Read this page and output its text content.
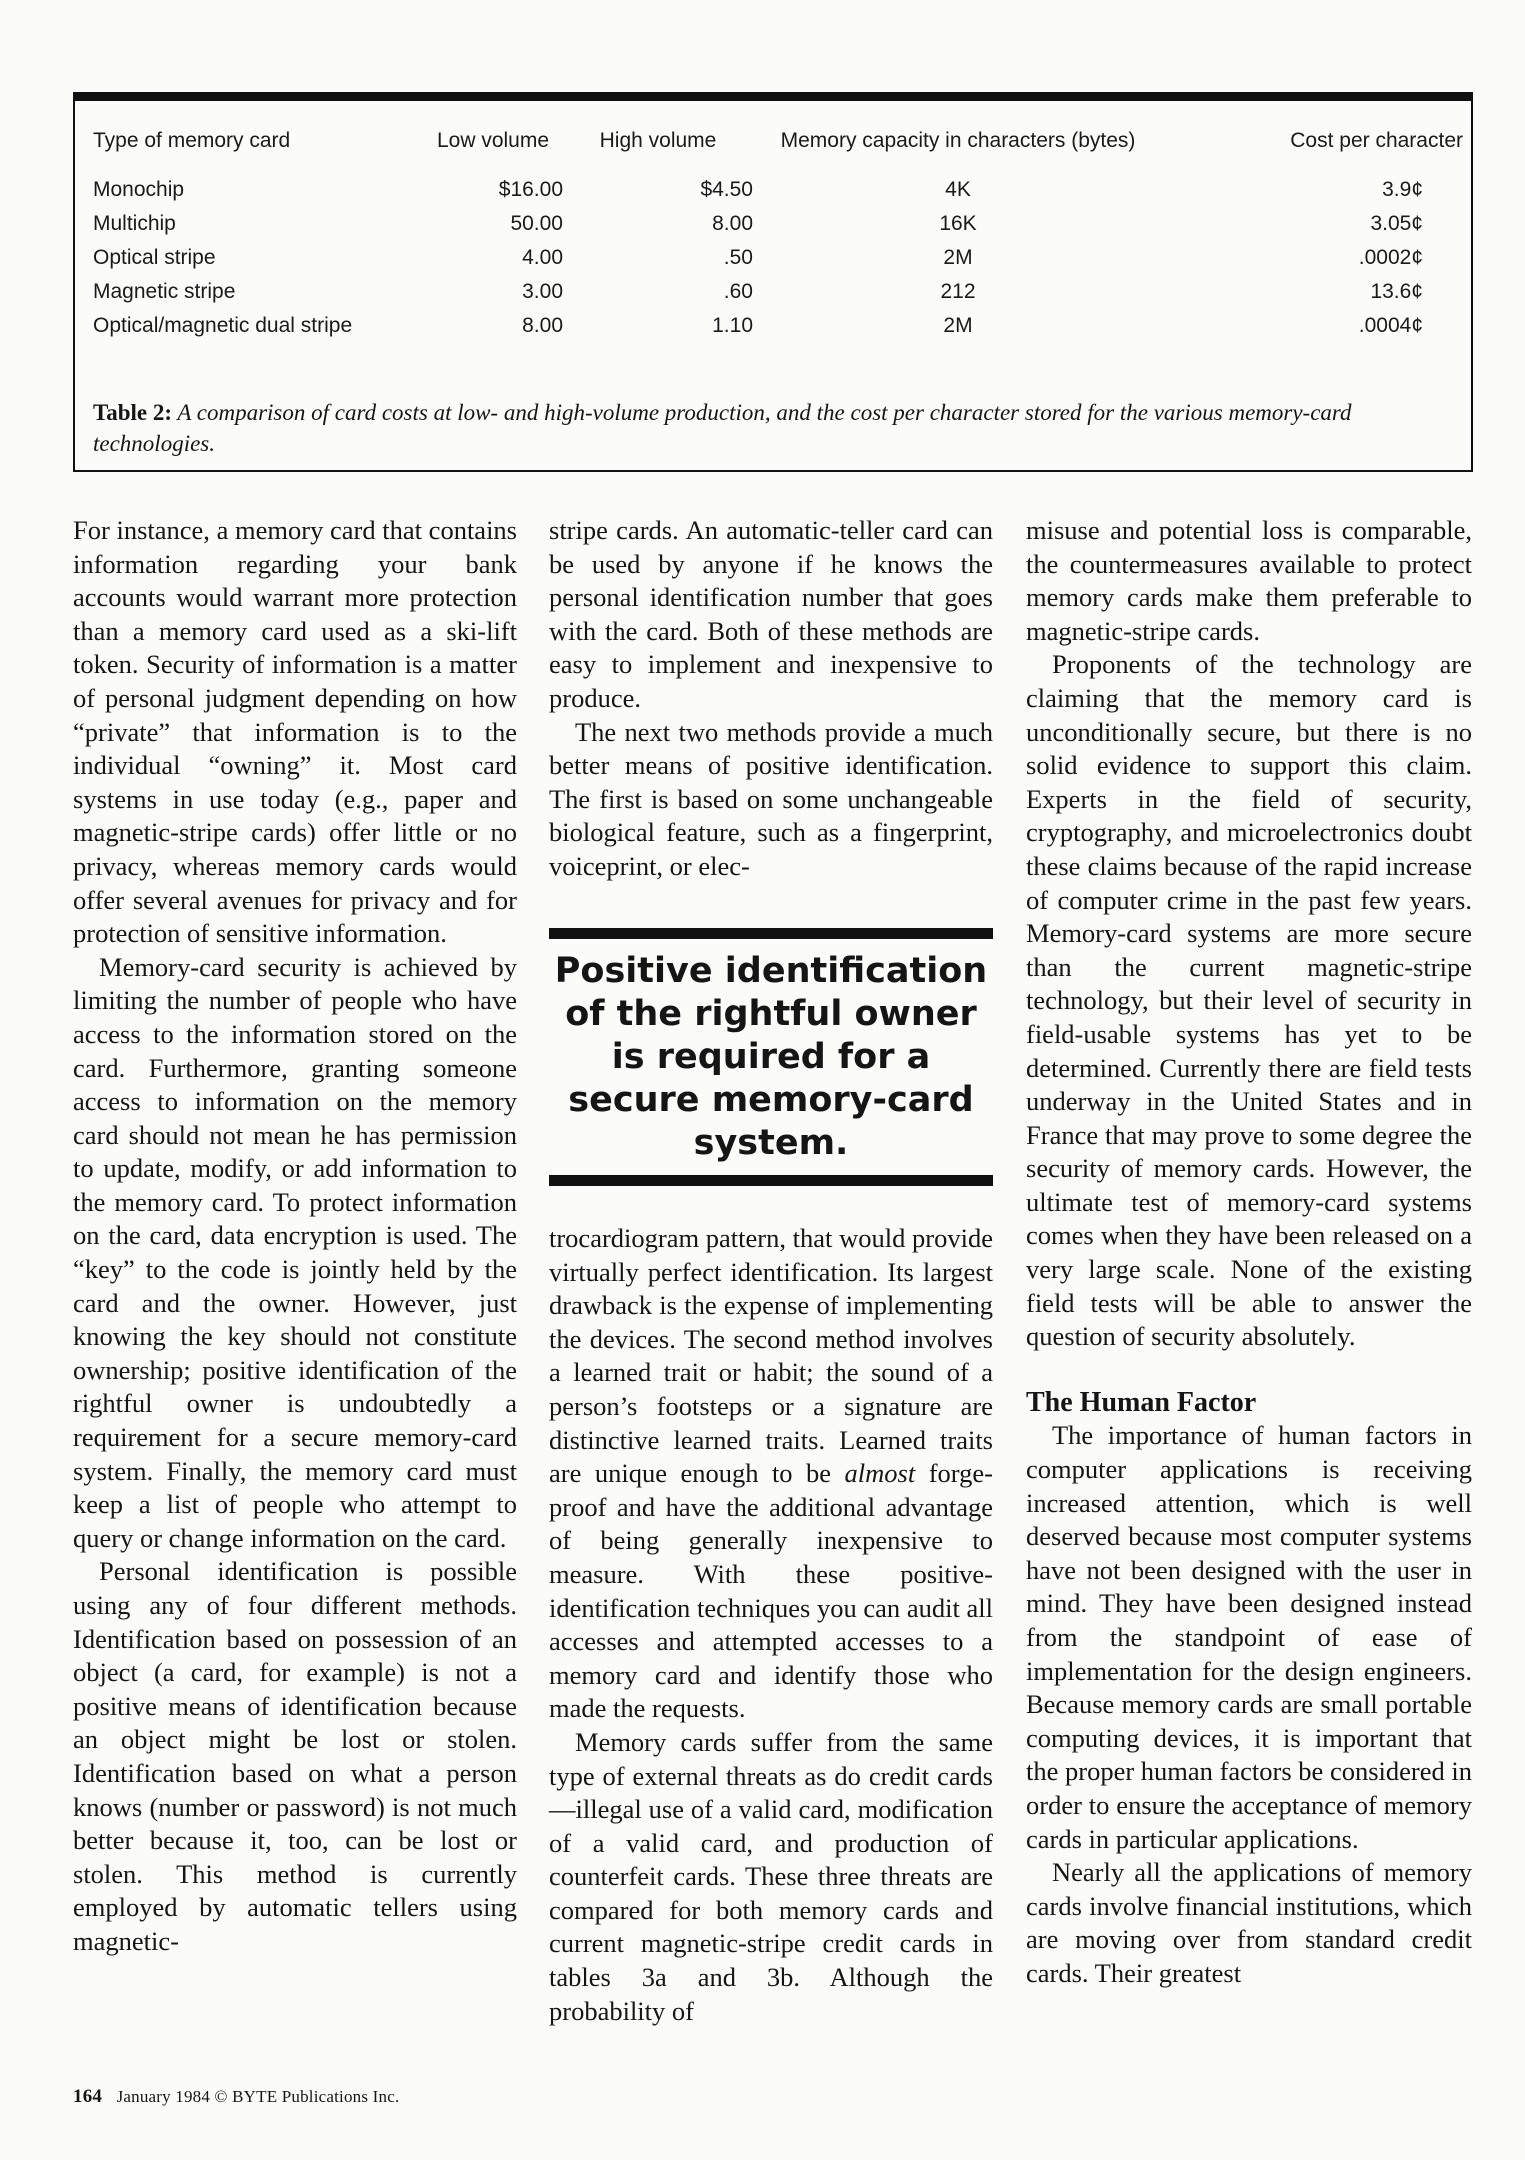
Type of memory card	Low volume	High volume	Memory capacity in characters (bytes)	Cost per character
Monochip	$16.00	$4.50	4K	3.9¢
Multichip	50.00	8.00	16K	3.05¢
Optical stripe	4.00	.50	2M	.0002¢
Magnetic stripe	3.00	.60	212	13.6¢
Optical/magnetic dual stripe	8.00	1.10	2M	.0004¢
Table 2: A comparison of card costs at low- and high-volume production, and the cost per character stored for the various memory-card technologies.

For instance, a memory card that contains information regarding your bank accounts would warrant more protection than a memory card used as a ski-lift token. Security of information is a matter of personal judgment depending on how “private” that information is to the individual “owning” it. Most card systems in use today (e.g., paper and magnetic-stripe cards) offer little or no privacy, whereas memory cards would offer several avenues for privacy and for protection of sensitive information.

Memory-card security is achieved by limiting the number of people who have access to the information stored on the card. Furthermore, granting someone access to information on the memory card should not mean he has permission to update, modify, or add information to the memory card. To protect information on the card, data encryption is used. The “key” to the code is jointly held by the card and the owner. However, just knowing the key should not constitute ownership; positive identification of the rightful owner is undoubtedly a requirement for a secure memory-card system. Finally, the memory card must keep a list of people who attempt to query or change information on the card.

Personal identification is possible using any of four different methods. Identification based on possession of an object (a card, for example) is not a positive means of identification because an object might be lost or stolen. Identification based on what a person knows (number or password) is not much better because it, too, can be lost or stolen. This method is currently employed by automatic tellers using magnetic-

stripe cards. An automatic-teller card can be used by anyone if he knows the personal identification number that goes with the card. Both of these methods are easy to implement and inexpensive to produce.

The next two methods provide a much better means of positive identification. The first is based on some unchangeable biological feature, such as a fingerprint, voiceprint, or elec-

Positive identification of the rightful owner is required for a secure memory-card system.

trocardiogram pattern, that would provide virtually perfect identification. Its largest drawback is the expense of implementing the devices. The second method involves a learned trait or habit; the sound of a person’s footsteps or a signature are distinctive learned traits. Learned traits are unique enough to be almost forge-proof and have the additional advantage of being generally inexpensive to measure. With these positive-identification techniques you can audit all accesses and attempted accesses to a memory card and identify those who made the requests.

Memory cards suffer from the same type of external threats as do credit cards—illegal use of a valid card, modification of a valid card, and production of counterfeit cards. These three threats are compared for both memory cards and current magnetic-stripe credit cards in tables 3a and 3b. Although the probability of

misuse and potential loss is comparable, the countermeasures available to protect memory cards make them preferable to magnetic-stripe cards.

Proponents of the technology are claiming that the memory card is unconditionally secure, but there is no solid evidence to support this claim. Experts in the field of security, cryptography, and microelectronics doubt these claims because of the rapid increase of computer crime in the past few years. Memory-card systems are more secure than the current magnetic-stripe technology, but their level of security in field-usable systems has yet to be determined. Currently there are field tests underway in the United States and in France that may prove to some degree the security of memory cards. However, the ultimate test of memory-card systems comes when they have been released on a very large scale. None of the existing field tests will be able to answer the question of security absolutely.

The Human Factor

The importance of human factors in computer applications is receiving increased attention, which is well deserved because most computer systems have not been designed with the user in mind. They have been designed instead from the standpoint of ease of implementation for the design engineers. Because memory cards are small portable computing devices, it is important that the proper human factors be considered in order to ensure the acceptance of memory cards in particular applications.

Nearly all the applications of memory cards involve financial institutions, which are moving over from standard credit cards. Their greatest

164 January 1984 © BYTE Publications Inc.
